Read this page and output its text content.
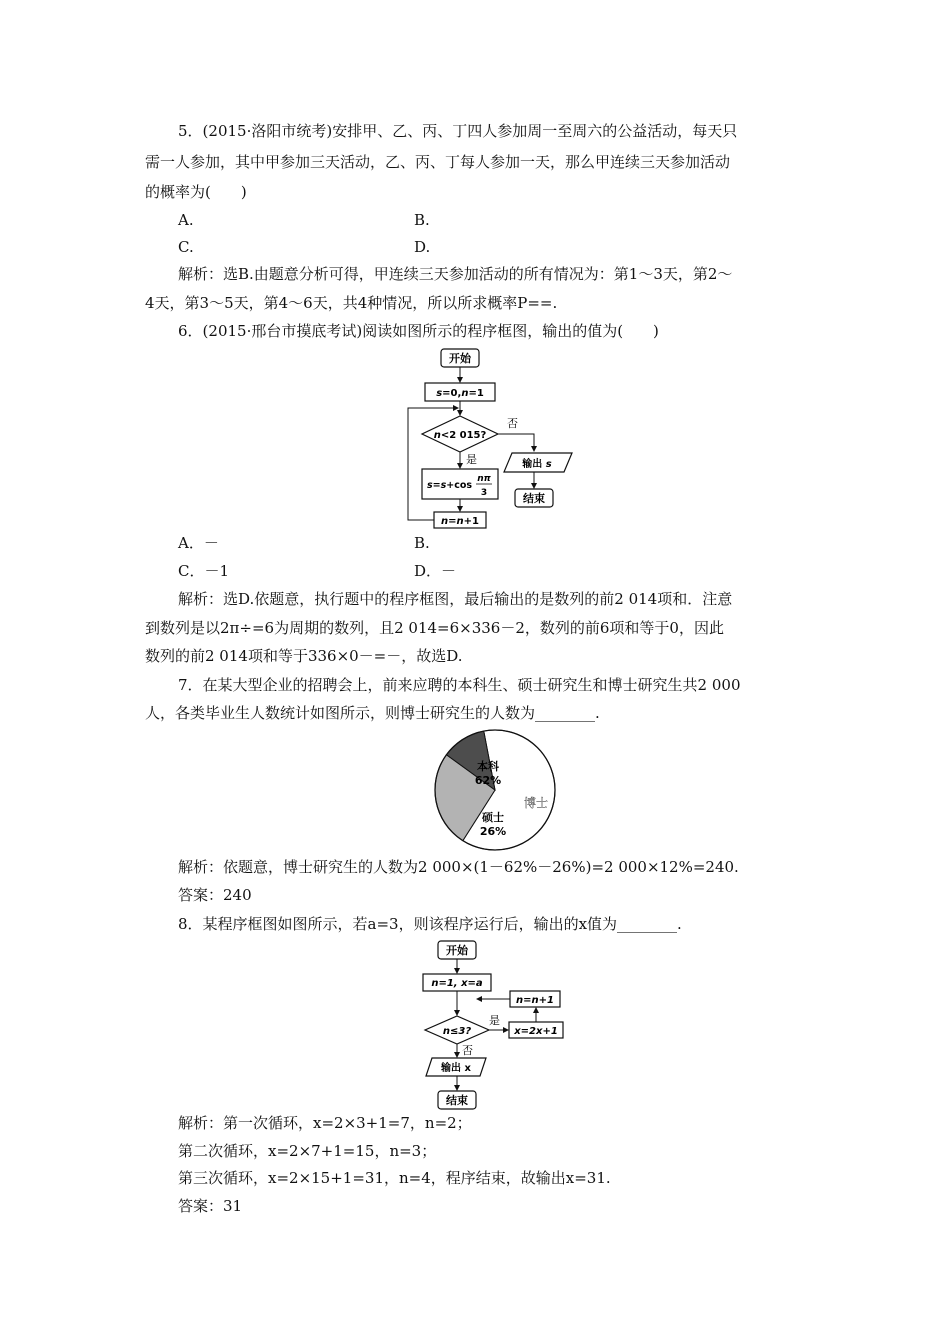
5．(2015·洛阳市统考)安排甲、乙、丙、丁四人参加周一至周六的公益活动，每天只
需一人参加，其中甲参加三天活动，乙、丙、丁每人参加一天，那么甲连续三天参加活动
的概率为(　　)
A.	B.
C.	D.
解析：选B.由题意分析可得，甲连续三天参加活动的所有情况为：第1～3天，第2～
4天，第3～5天，第4～6天，共4种情况，所以所求概率P==.
6．(2015·邢台市摸底考试)阅读如图所示的程序框图，输出的值为(　　)
开始
s=0,n=1
n<2 015?
否
输出 s
结束
是
s=s+cos
nπ
3
n=n+1
A．－	B.
C．－1	D．－
解析：选D.依题意，执行题中的程序框图，最后输出的是数列的前2 014项和．注意
到数列是以2π÷=6为周期的数列，且2 014=6×336－2，数列的前6项和等于0，因此
数列的前2 014项和等于336×0－=－，故选D.
7．在某大型企业的招聘会上，前来应聘的本科生、硕士研究生和博士研究生共2 000
人，各类毕业生人数统计如图所示，则博士研究生的人数为________.
本科
62%
硕士
26%
博士
解析：依题意，博士研究生的人数为2 000×(1－62%－26%)=2 000×12%=240.
答案：240
8．某程序框图如图所示，若a=3，则该程序运行后，输出的x值为________.
开始
n=1, x=a
n=n+1
n≤3?
是
x=2x+1
否
输出 x
结束
解析：第一次循环，x=2×3+1=7，n=2；
第二次循环，x=2×7+1=15，n=3；
第三次循环，x=2×15+1=31，n=4，程序结束，故输出x=31.
答案：31
